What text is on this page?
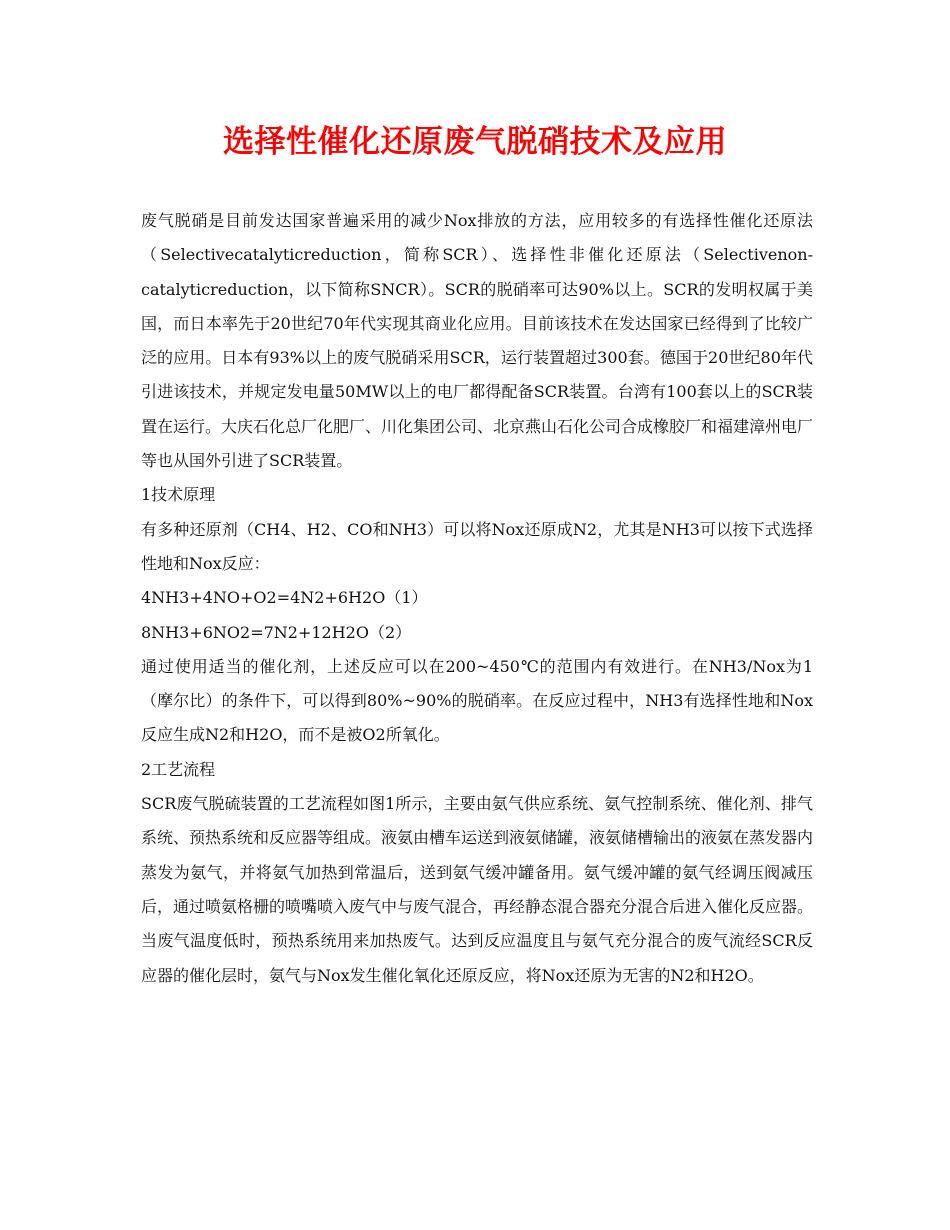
选择性催化还原废气脱硝技术及应用

废气脱硝是目前发达国家普遍采用的减少Nox排放的方法，应用较多的有选择性催化还原法（Selectivecatalyticreduction，简称SCR）、选择性非催化还原法（Selectivenon-catalyticreduction，以下简称SNCR）。SCR的脱硝率可达90%以上。SCR的发明权属于美国，而日本率先于20世纪70年代实现其商业化应用。目前该技术在发达国家已经得到了比较广泛的应用。日本有93%以上的废气脱硝采用SCR，运行装置超过300套。德国于20世纪80年代引进该技术，并规定发电量50MW以上的电厂都得配备SCR装置。台湾有100套以上的SCR装置在运行。大庆石化总厂化肥厂、川化集团公司、北京燕山石化公司合成橡胶厂和福建漳州电厂等也从国外引进了SCR装置。

1技术原理

有多种还原剂（CH4、H2、CO和NH3）可以将Nox还原成N2，尤其是NH3可以按下式选择性地和Nox反应：

4NH3+4NO+O2=4N2+6H2O（1）

8NH3+6NO2=7N2+12H2O（2）

通过使用适当的催化剂，上述反应可以在200~450℃的范围内有效进行。在NH3/Nox为1（摩尔比）的条件下，可以得到80%~90%的脱硝率。在反应过程中，NH3有选择性地和Nox反应生成N2和H2O，而不是被O2所氧化。

2工艺流程

SCR废气脱硫装置的工艺流程如图1所示，主要由氨气供应系统、氨气控制系统、催化剂、排气系统、预热系统和反应器等组成。液氨由槽车运送到液氨储罐，液氨储槽输出的液氨在蒸发器内蒸发为氨气，并将氨气加热到常温后，送到氨气缓冲罐备用。氨气缓冲罐的氨气经调压阀减压后，通过喷氨格栅的喷嘴喷入废气中与废气混合，再经静态混合器充分混合后进入催化反应器。当废气温度低时，预热系统用来加热废气。达到反应温度且与氨气充分混合的废气流经SCR反应器的催化层时，氨气与Nox发生催化氧化还原反应，将Nox还原为无害的N2和H2O。
